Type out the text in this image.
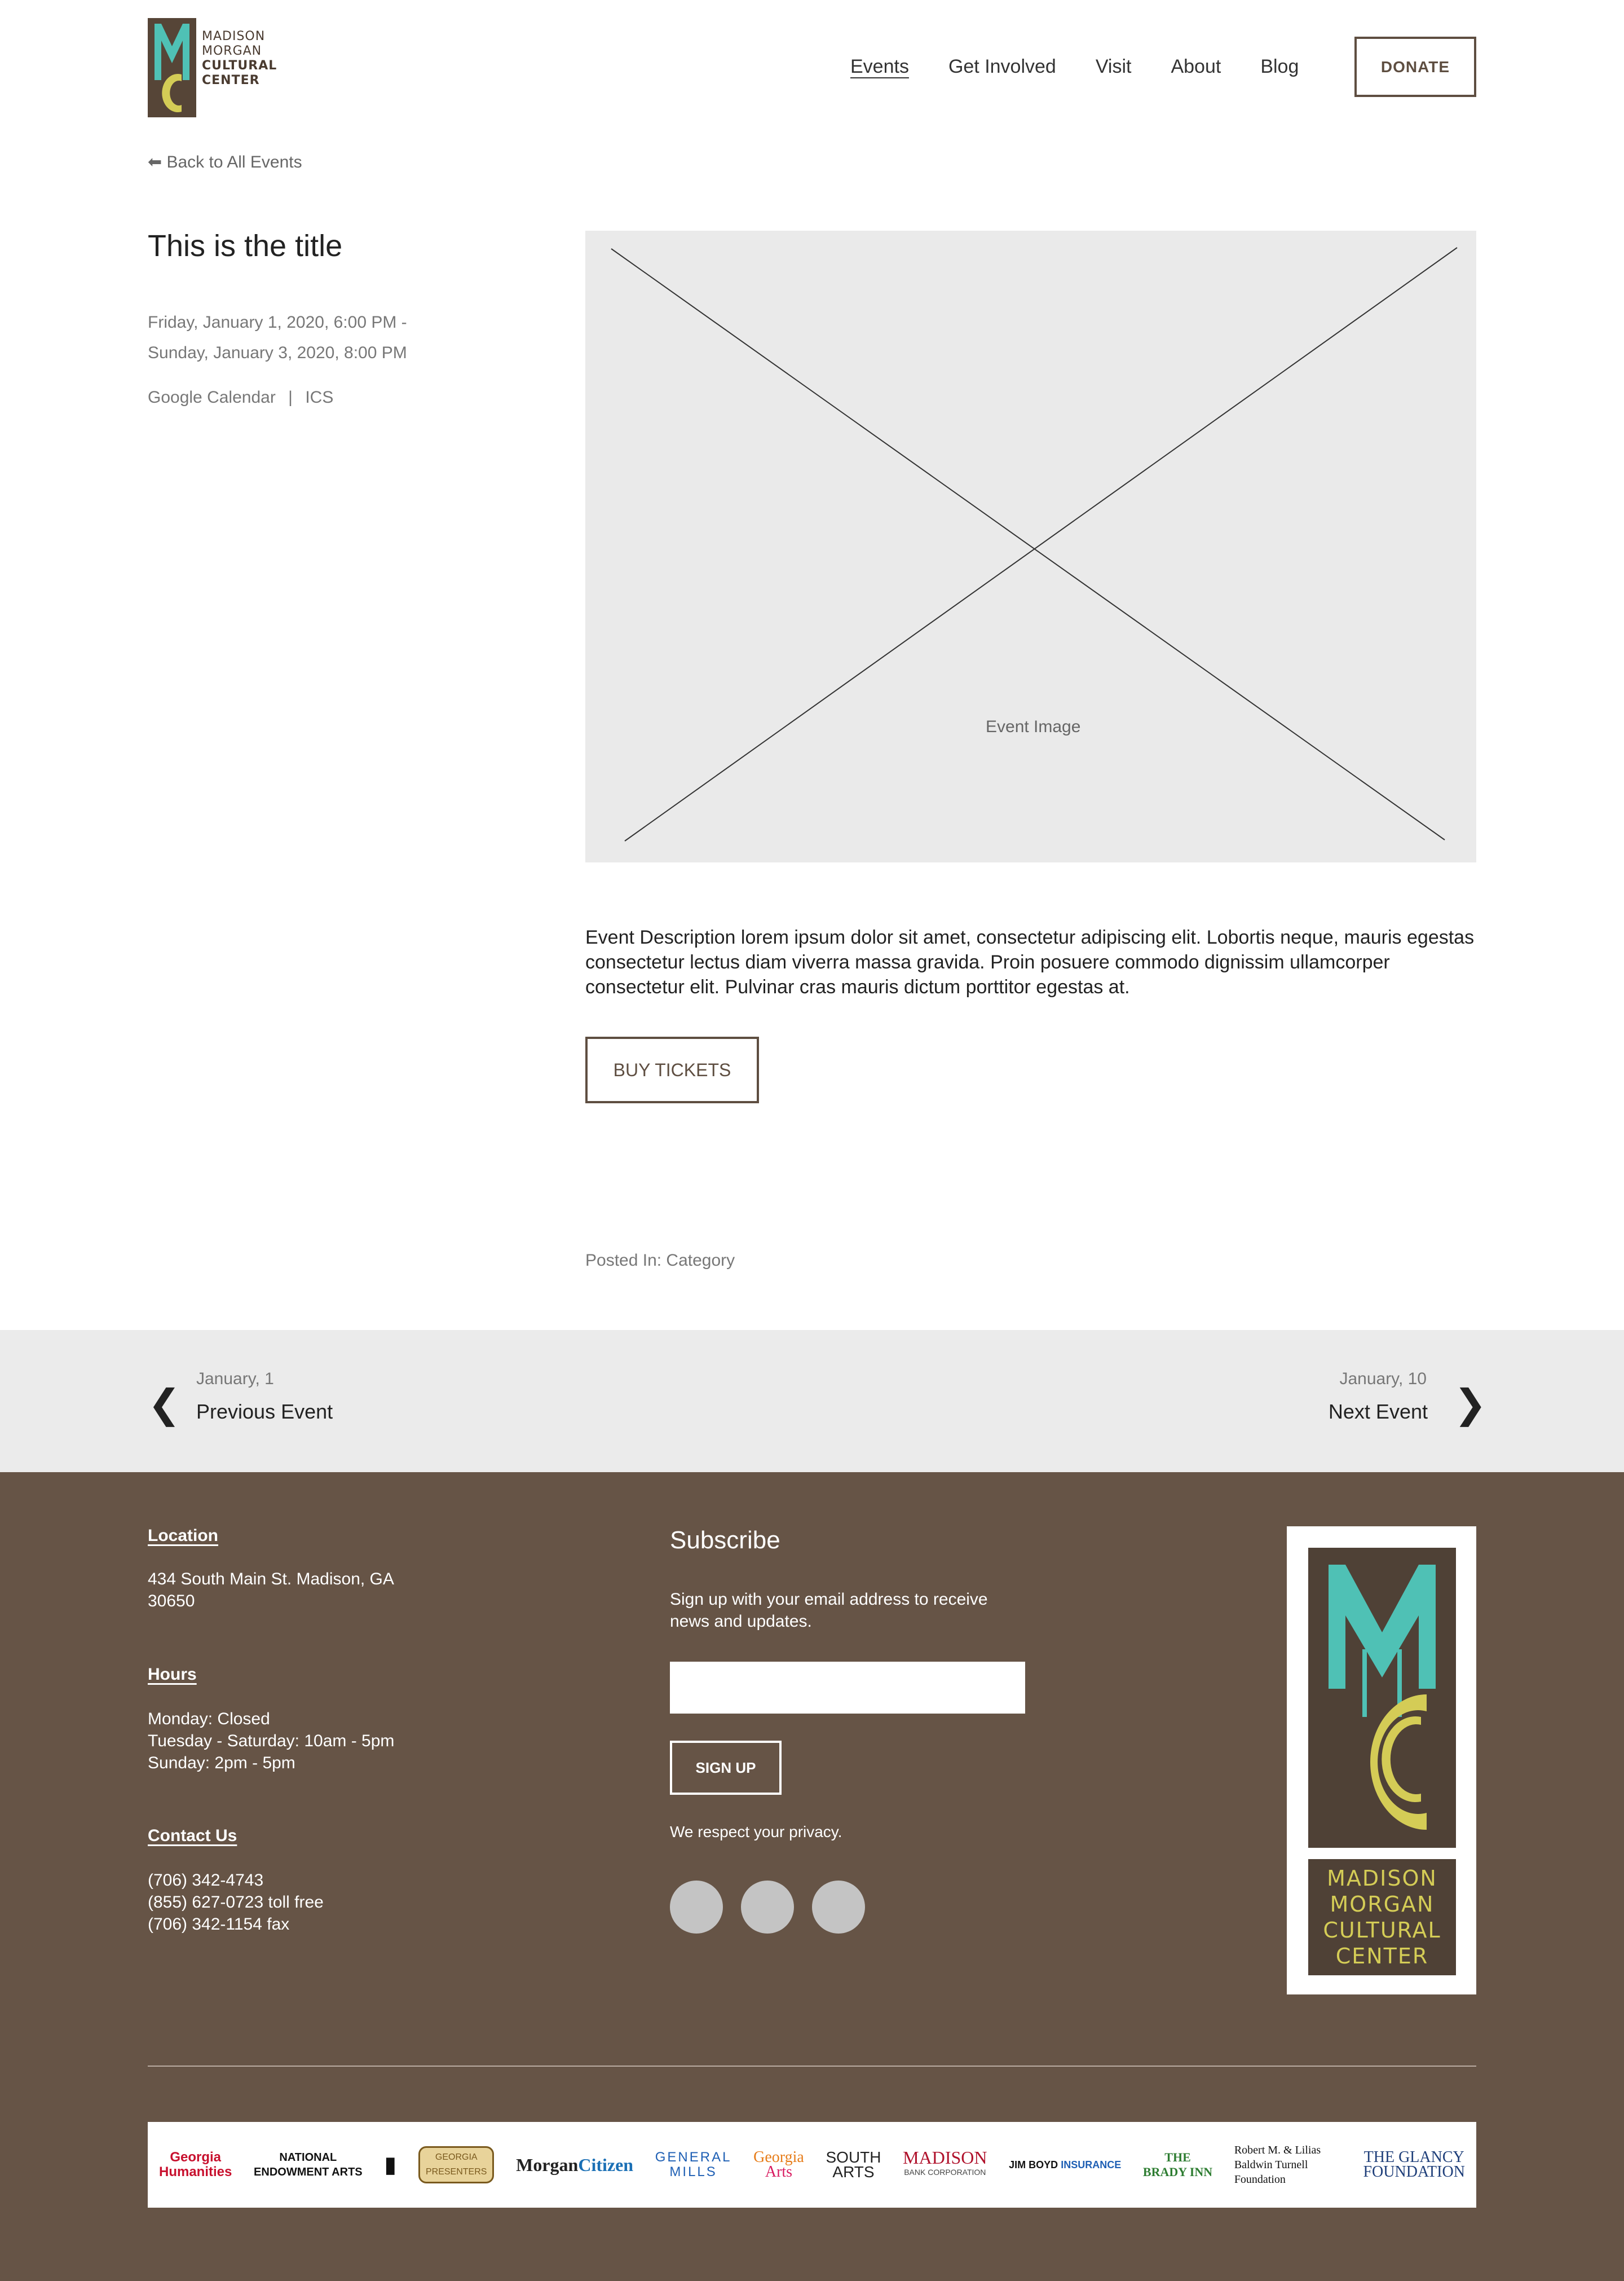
MADISON
MORGAN
CULTURAL
CENTER
Events Get Involved Visit About Blog	DONATE
⬅ Back to All Events
This is the title
Friday, January 1, 2020, 6:00 PM -
Sunday, January 3, 2020, 8:00 PM
Google Calendar | ICS
Event Image

Event Description lorem ipsum dolor sit amet, consectetur adipiscing elit. Lobortis neque, mauris egestas consectetur lectus diam viverra massa gravida. Proin posuere commodo dignissim ullamcorper consectetur elit. Pulvinar cras mauris dictum porttitor egestas at.

BUY TICKETS
Posted In: Category
❮
January, 1
Previous Event
January, 10
Next Event ❯
Location
434 South Main St. Madison, GA 30650
Hours
Monday: Closed
Tuesday - Saturday: 10am - 5pm
Sunday: 2pm - 5pm
Contact Us
(706) 342-4743
(855) 627-0723 toll free
(706) 342-1154 fax
Subscribe
Sign up with your email address to receive news and updates.
SIGN UP
We respect your privacy.
MADISON
MORGAN
CULTURAL
CENTER
Georgia
Humanities
NATIONAL
ENDOWMENT ARTS ▮	GEORGIA
PRESENTERS MorganCitizen GENERAL
MILLS
Georgia
Arts
SOUTH
ARTS
MADISON
BANK CORPORATION
JIM BOYD INSURANCE
THE
BRADY INN
Robert M. & Lilias
Baldwin Turnell Foundation
THE GLANCY
FOUNDATION
